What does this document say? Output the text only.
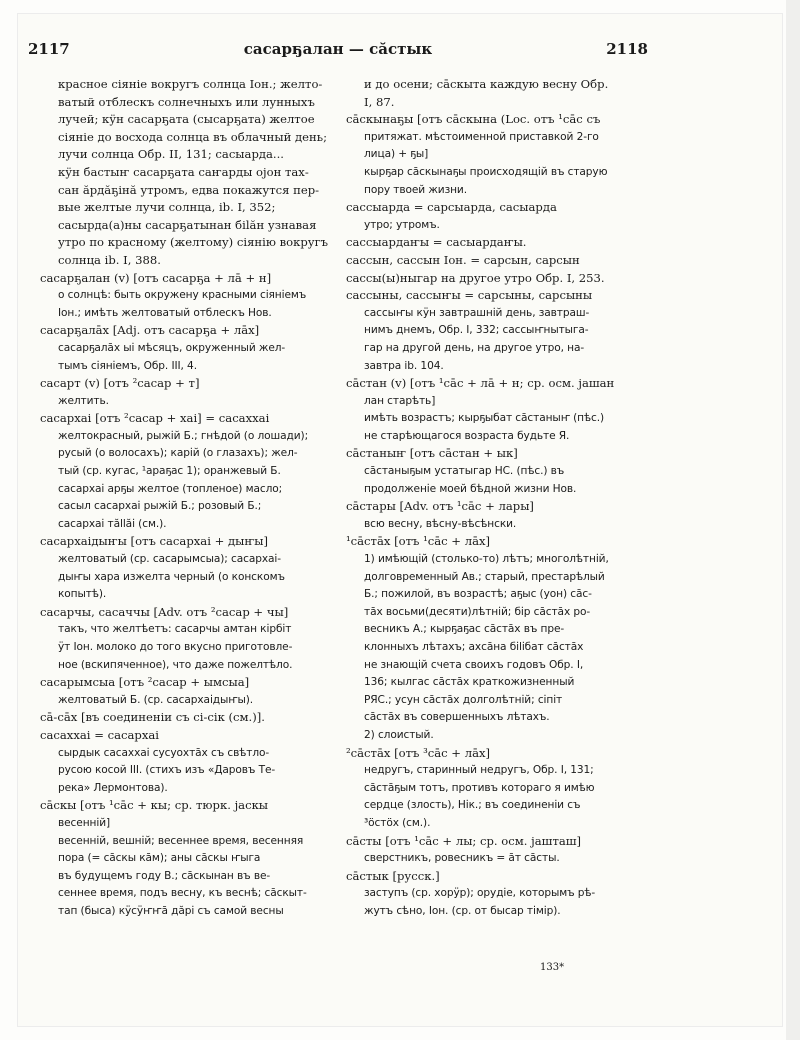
2117	сасарҕалан — сӑстык	2118
красное сіяніе вокругъ солнца Іон.; желто-
ватый отблескъ солнечныхъ или лунныхъ
лучей; кӱн сасарҕата (сысарҕата) желтое
сіяніе до восхода солнца въ облачный день;
лучи солнца Обр. II, 131; сасыарда...
кӱн бастыҥ сасарҕата саҥарды ојон тах-
сан ӑрдӑҕінӑ утромъ, едва покажутся пер-
вые желтые лучи солнца, ib. I, 352;
сасырда(а)ны сасарҕатынан біlӑн узнавая
утро по красному (желтому) сіянію вокругъ
солнца ib. I, 388.
сасарҕалан (v) [отъ сасарҕа + лā + н]
о солнцѣ: быть окружену красными сіяніемъ
Іон.; имѣть желтоватый отблескъ Нов.
сасарҕалāх [Adj. отъ сасарҕа + лāх]
сасарҕалāх ыі мѣсяцъ, окруженный жел-
тымъ сіяніемъ, Обр. III, 4.
сасарт (v) [отъ ²сасар + т]
желтить.
сасархаі [отъ ²сасар + хаі] = сасаххаі
желтокрасный, рыжій Б.; гнѣдой (о лошади);
русый (о волосахъ); карій (о глазахъ); жел-
тый (ср. кугас, ¹араҕас 1); оранжевый Б.
сасархаі арҕы желтое (топленое) масло;
сасыл сасархаі рыжій Б.; розовый Б.;
сасархаі тӑllӑі (см.).
сасархаідыҥы [отъ сасархаі + дыҥы]
желтоватый (ср. сасарымсыа); сасархаі-
дыҥы хара изжелта черный (о конскомъ
копытѣ).
сасарчы, сасаччы [Adv. отъ ²сасар + чы]
такъ, что желтѣетъ: сасарчы амтан кірбіт
ӱт Іон. молоко до того вкусно приготовле-
ное (вскипяченное), что даже пожелтѣло.
сасарымсыа [отъ ²сасар + ымсыа]
желтоватый Б. (ср. сасархаідыҥы).
сā-сāх [въ соединеніи съ сі-сік (см.)].
сасаххаі = сасархаі
сырдык сасаххаі сусуохтāх съ свѣтло-
русою косой III. (стихъ изъ «Даровъ Те-
река» Лермонтова).
сāскы [отъ ¹сāс + кы; ср. тюрк. jаскы
весенній]
весенній, вешній; весеннее время, весенняя
пора (= сāскы кāм); аны сāскы ҥыга
въ будущемъ году В.; сāскынан въ ве-
сеннее время, подъ весну, къ веснѣ; сāскыт-
тап (быса) кӱсӱҥҥā дӑрі съ самой весны
и до осени; сāскыта каждую весну Обр.
I, 87.
сāскынаҕы [отъ сāскына (Loc. отъ ¹сāс съ
притяжат. мѣстоименной приставкой 2-го
лица) + ҕы]
кырҕар сāскынаҕы происходящій въ старую
пору твоей жизни.
сассыарда = сарсыарда, сасыарда
утро; утромъ.
сассыардаҥы = сасыардаҥы.
сассын, сассын Іон. = сарсын, сарсын
сассы(ы)ныгар на другое утро Обр. I, 253.
сассыны, сассыҥы = сарсыны, сарсыны
сассыҥы кӱн завтрашній день, завтраш-
нимъ днемъ, Обр. I, 332; сассыҥнытыга-
гар на другой день, на другое утро, на-
завтра ib. 104.
сāстан (v) [отъ ¹сāс + лā + н; ср. осм. jашан
лан старѣть]
имѣть возрастъ; кырҕыбат сāстаныҥ (пѣс.)
не старѣющагося возраста будьте Я.
сāстаныҥ [отъ сāстан + ык]
сāстаныҕым устатыгар НС. (пѣс.) въ
продолженіе моей бѣдной жизни Нов.
сāстары [Adv. отъ ¹сāс + лары]
всю весну, вѣсну-вѣсѣнски.
¹сāстāх [отъ ¹сāс + лāх]
1) имѣющій (столько-то) лѣтъ; многолѣтній,
долговременный Ав.; старый, престарѣлый
Б.; пожилой, въ возрастѣ; аҕыс (уон) сāс-
тāх восьми(десяти)лѣтній; бір сāстāх ро-
весникъ А.; кырҕаҕас сāстāх въ пре-
клонныхъ лѣтахъ; ахсāна біlібат сāстāх
не знающій счета своихъ годовъ Обр. I,
136; кылгас сāстāх краткожизненный
РЯС.; усун сāстāх долголѣтній; сіпіт
сāстāх въ совершенныхъ лѣтахъ.
2) слоистый.
²сāстāх [отъ ³сāс + лāх]
недругъ, старинный недругъ, Обр. I, 131;
сāстāҕым тотъ, противъ котораго я имѣю
сердце (злость), Нік.; въ соединеніи съ
³ӧстӧх (см.).
сāсты [отъ ¹сāс + лы; ср. осм. jашташ]
сверстникъ, ровесникъ = āт сāсты.
сāстык [русск.]
заступъ (ср. хорӱр); орудіе, которымъ рѣ-
жутъ сѣно, Іон. (ср. от бысар тімір).
133*
